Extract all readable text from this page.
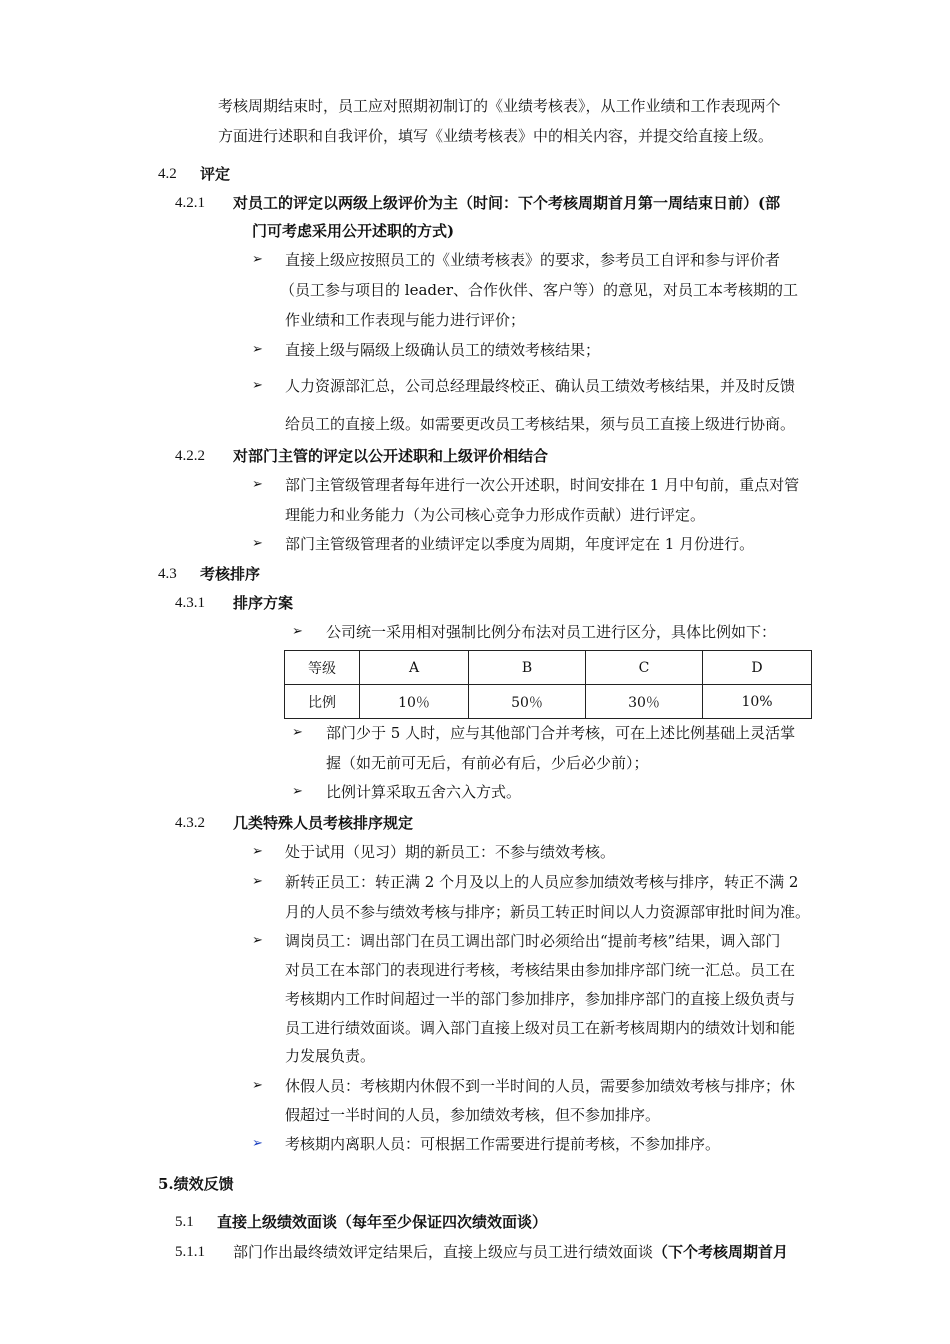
考核周期结束时，员工应对照期初制订的《业绩考核表》，从工作业绩和工作表现两个
方面进行述职和自我评价，填写《业绩考核表》中的相关内容，并提交给直接上级。
4.2 评定
4.2.1 对员工的评定以两级上级评价为主（时间：下个考核周期首月第一周结束日前）(部
门可考虑采用公开述职的方式)
➢ 直接上级应按照员工的《业绩考核表》的要求，参考员工自评和参与评价者
（员工参与项目的 leader、合作伙伴、客户等）的意见，对员工本考核期的工
作业绩和工作表现与能力进行评价；
➢ 直接上级与隔级上级确认员工的绩效考核结果；
➢ 人力资源部汇总，公司总经理最终校正、确认员工绩效考核结果，并及时反馈
给员工的直接上级。如需要更改员工考核结果，须与员工直接上级进行协商。
4.2.2 对部门主管的评定以公开述职和上级评价相结合
➢ 部门主管级管理者每年进行一次公开述职，时间安排在 1 月中旬前，重点对管
理能力和业务能力（为公司核心竞争力形成作贡献）进行评定。
➢ 部门主管级管理者的业绩评定以季度为周期，年度评定在 1 月份进行。
4.3 考核排序
4.3.1 排序方案
➢ 公司统一采用相对强制比例分布法对员工进行区分，具体比例如下：
等级	A	B	C	D
比例	10％	50％	30％	10%
➢ 部门少于 5 人时，应与其他部门合并考核，可在上述比例基础上灵活掌
握（如无前可无后，有前必有后，少后必少前）；
➢ 比例计算采取五舍六入方式。
4.3.2 几类特殊人员考核排序规定
➢ 处于试用（见习）期的新员工：不参与绩效考核。
➢ 新转正员工：转正满 2 个月及以上的人员应参加绩效考核与排序，转正不满 2
月的人员不参与绩效考核与排序；新员工转正时间以人力资源部审批时间为准。
➢ 调岗员工：调出部门在员工调出部门时必须给出“提前考核”结果，调入部门
对员工在本部门的表现进行考核，考核结果由参加排序部门统一汇总。员工在
考核期内工作时间超过一半的部门参加排序，参加排序部门的直接上级负责与
员工进行绩效面谈。调入部门直接上级对员工在新考核周期内的绩效计划和能
力发展负责。
➢ 休假人员：考核期内休假不到一半时间的人员，需要参加绩效考核与排序；休
假超过一半时间的人员，参加绩效考核，但不参加排序。
➢ 考核期内离职人员：可根据工作需要进行提前考核，不参加排序。
5.绩效反馈
5.1 直接上级绩效面谈（每年至少保证四次绩效面谈）
5.1.1 部门作出最终绩效评定结果后，直接上级应与员工进行绩效面谈（下个考核周期首月
